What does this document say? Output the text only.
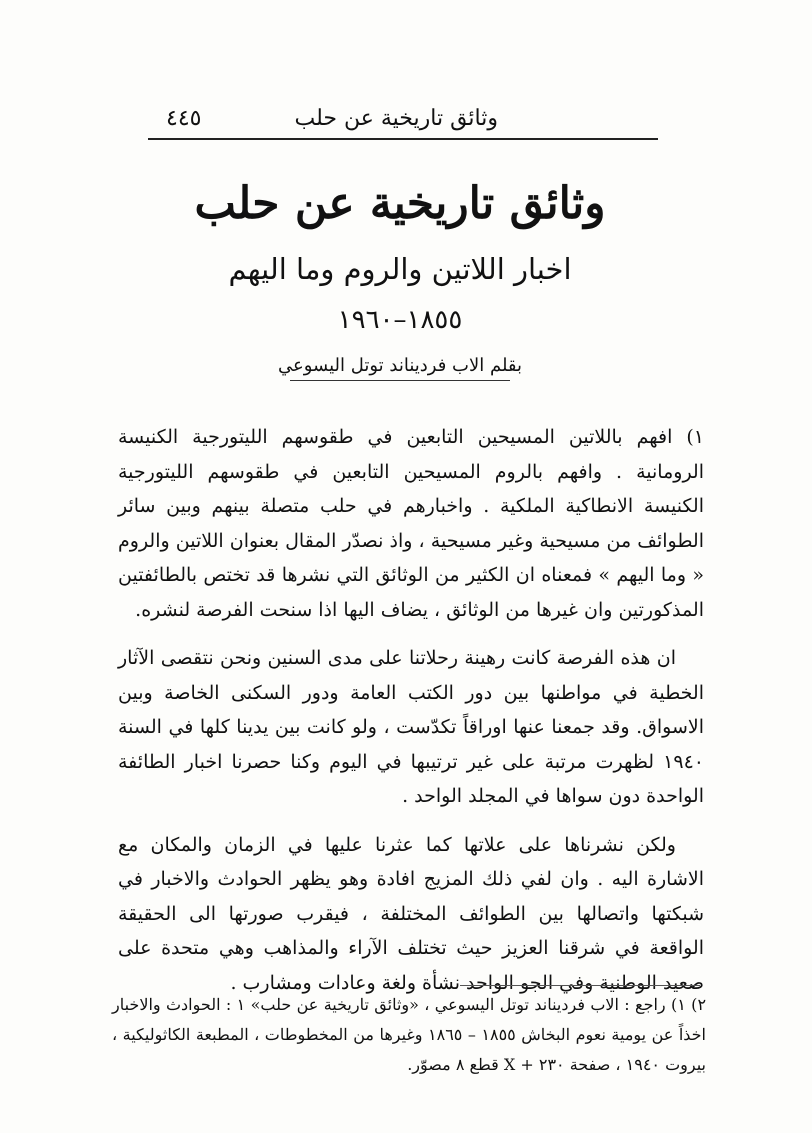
وثائق تاريخية عن حلب
٤٤٥
وثائق تاريخية عن حلب
اخبار اللاتين والروم وما اليهم
١٨٥٥–١٩٦٠
بقلم الاب فرديناند توتل اليسوعي

١) افهم باللاتين المسيحين التابعين في طقوسهم الليتورجية الكنيسة الرومانية . وافهم بالروم المسيحين التابعين في طقوسهم الليتورجية الكنيسة الانطاكية الملكية . واخبارهم في حلب متصلة بينهم وبين سائر الطوائف من مسيحية وغير مسيحية ، واذ نصدّر المقال بعنوان اللاتين والروم « وما اليهم » فمعناه ان الكثير من الوثائق التي نشرها قد تختص بالطائفتين المذكورتين وان غيرها من الوثائق ، يضاف اليها اذا سنحت الفرصة لنشره.

ان هذه الفرصة كانت رهينة رحلاتنا على مدى السنين ونحن نتقصى الآثار الخطية في مواطنها بين دور الكتب العامة ودور السكنى الخاصة وبين الاسواق. وقد جمعنا عنها اوراقاً تكدّست ، ولو كانت بين يدينا كلها في السنة ١٩٤٠ لظهرت مرتبة على غير ترتيبها في اليوم وكنا حصرنا اخبار الطائفة الواحدة دون سواها في المجلد الواحد .

ولكن نشرناها على علاتها كما عثرنا عليها في الزمان والمكان مع الاشارة اليه . وان لفي ذلك المزيج افادة وهو يظهر الحوادث والاخبار في شبكتها واتصالها بين الطوائف المختلفة ، فيقرب صورتها الى الحقيقة الواقعة في شرقنا العزيز حيث تختلف الآراء والمذاهب وهي متحدة على صعيد الوطنية وفي الجو الواحد نشأة ولغة وعادات ومشارب .

٢) ١) راجع : الاب فرديناند توتل اليسوعي ، «وثائق تاريخية عن حلب» ١ : الحوادث والاخبار اخذاً عن يومية نعوم البخاش ١٨٥٥ – ١٨٦٥ وغيرها من المخطوطات ، المطبعة الكاثوليكية ، بيروت ١٩٤٠ ، صفحة ٢٣٠ + X قطع ٨ مصوّر.
